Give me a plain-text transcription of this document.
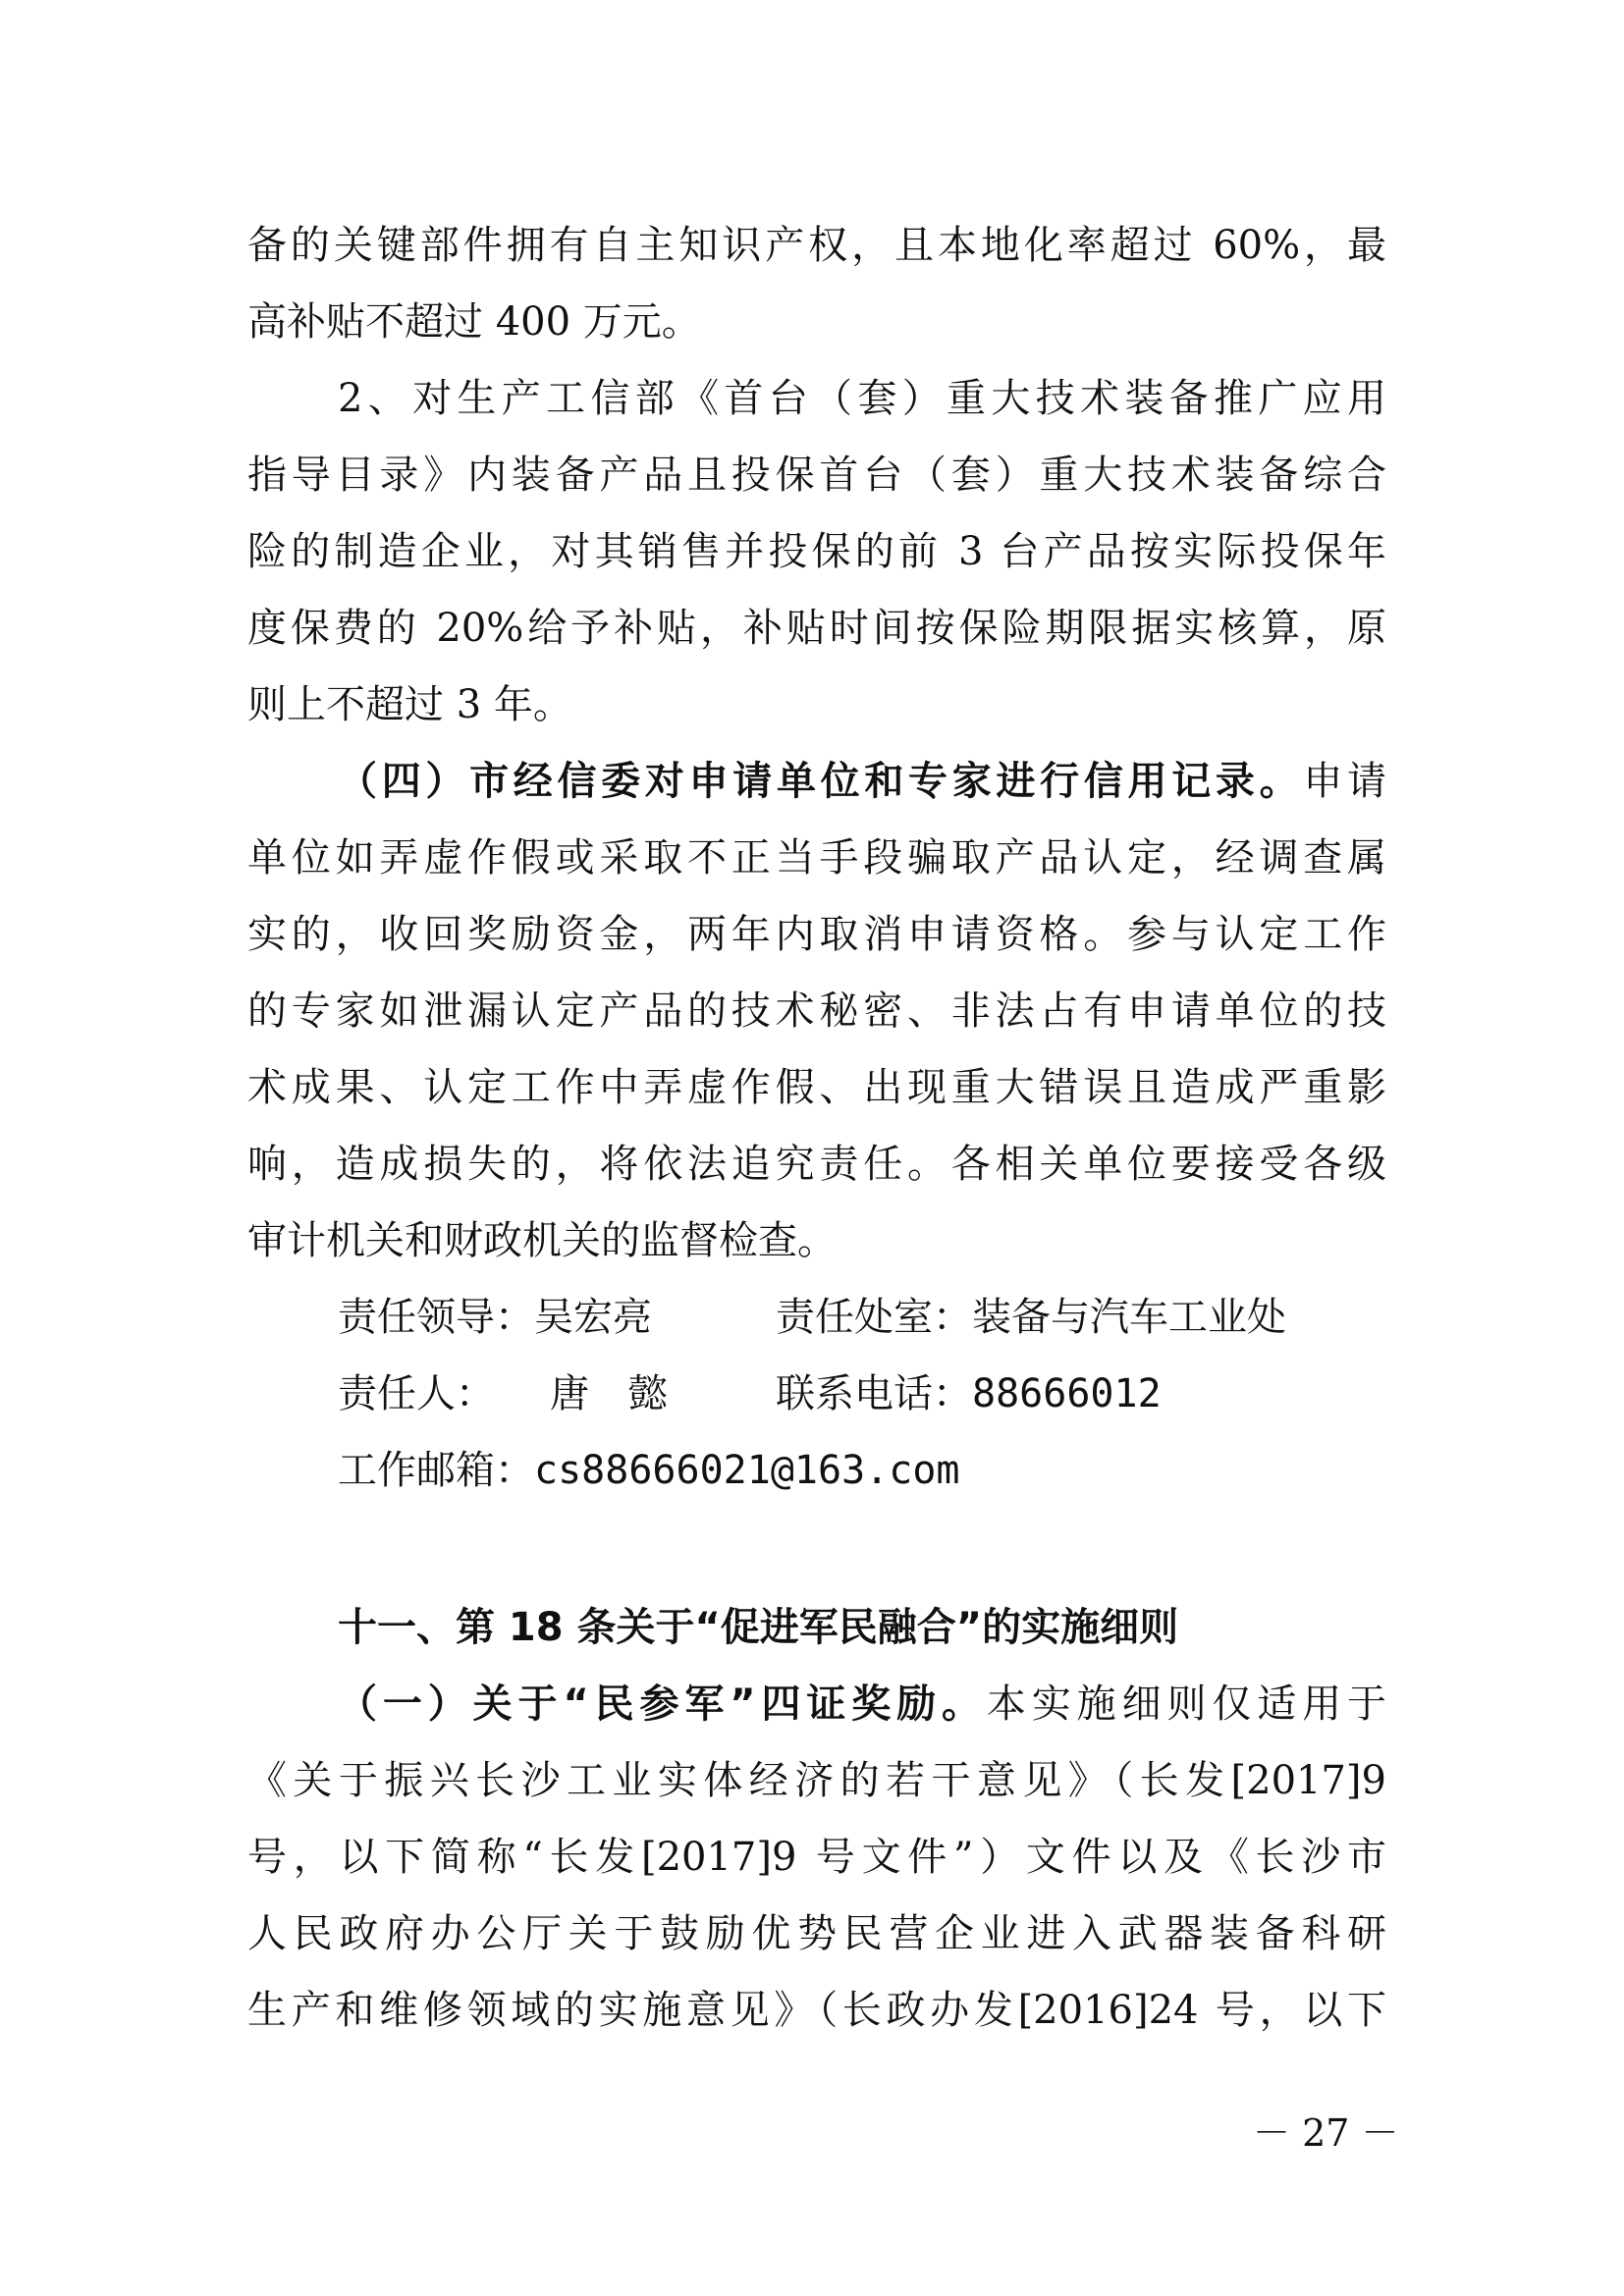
备的关键部件拥有自主知识产权，且本地化率超过 60%，最
高补贴不超过 400 万元。
2、对生产工信部《首台（套）重大技术装备推广应用
指导目录》内装备产品且投保首台（套）重大技术装备综合
险的制造企业，对其销售并投保的前 3 台产品按实际投保年
度保费的 20%给予补贴，补贴时间按保险期限据实核算，原
则上不超过 3 年。
（四）市经信委对申请单位和专家进行信用记录。申请
单位如弄虚作假或采取不正当手段骗取产品认定，经调查属
实的，收回奖励资金，两年内取消申请资格。参与认定工作
的专家如泄漏认定产品的技术秘密、非法占有申请单位的技
术成果、认定工作中弄虚作假、出现重大错误且造成严重影
响，造成损失的，将依法追究责任。各相关单位要接受各级
审计机关和财政机关的监督检查。
责任领导： 吴宏亮	责任处室： 装备与汽车工业处
责任人： 唐　懿	联系电话： 88666012
工作邮箱： cs88666021@163.com
十一、第 18 条关于“促进军民融合”的实施细则
（一）关于“民参军”四证奖励。本实施细则仅适用于
《关于振兴长沙工业实体经济的若干意见》（长发[2017]9
号，以下简称“长发[2017]9 号文件”）文件以及《长沙市
人民政府办公厅关于鼓励优势民营企业进入武器装备科研
生产和维修领域的实施意见》（长政办发[2016]24 号，以下
－ 27 －
